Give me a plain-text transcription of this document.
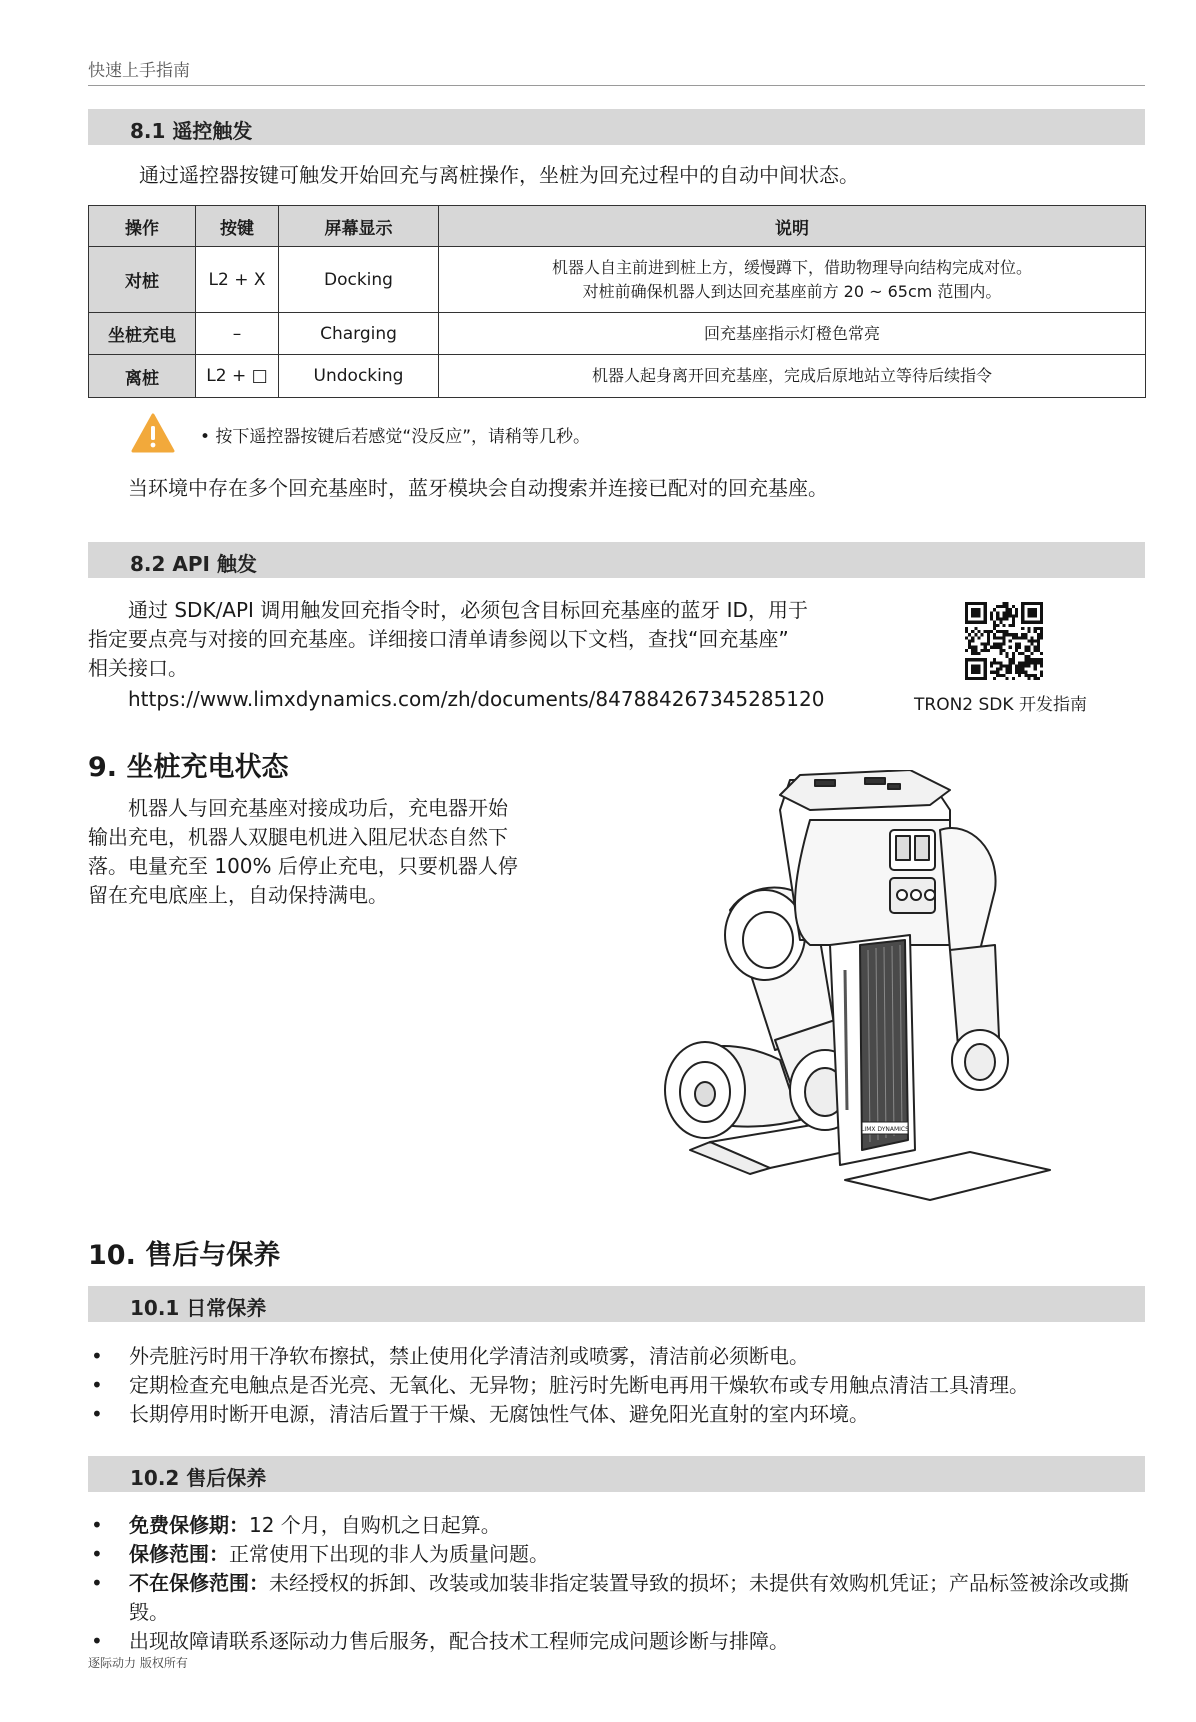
快速上手指南
8.1 遥控触发
通过遥控器按键可触发开始回充与离桩操作，坐桩为回充过程中的自动中间状态。
操作	按键	屏幕显示	说明
对桩	L2 + X	Docking	机器人自主前进到桩上方，缓慢蹲下，借助物理导向结构完成对位。
对桩前确保机器人到达回充基座前方 20 ~ 65cm 范围内。

坐桩充电	–	Charging	回充基座指示灯橙色常亮
离桩	L2 + □	Undocking	机器人起身离开回充基座，完成后原地站立等待后续指令
• 按下遥控器按键后若感觉“没反应”，请稍等几秒。
当环境中存在多个回充基座时，蓝牙模块会自动搜索并连接已配对的回充基座。
8.2 API 触发
通过 SDK/API 调用触发回充指令时，必须包含目标回充基座的蓝牙 ID，用于
指定要点亮与对接的回充基座。详细接口清单请参阅以下文档，查找“回充基座”
相关接口。
https://www.limxdynamics.com/zh/documents/847884267345285120	TRON2 SDK 开发指南
9. 坐桩充电状态
机器人与回充基座对接成功后，充电器开始
输出充电，机器人双腿电机进入阻尼状态自然下
落。电量充至 100% 后停止充电，只要机器人停
留在充电底座上，自动保持满电。
LIMX DYNAMICS
10. 售后与保养
10.1 日常保养
• 外壳脏污时用干净软布擦拭，禁止使用化学清洁剂或喷雾，清洁前必须断电。
• 定期检查充电触点是否光亮、无氧化、无异物；脏污时先断电再用干燥软布或专用触点清洁工具清理。
• 长期停用时断开电源，清洁后置于干燥、无腐蚀性气体、避免阳光直射的室内环境。
10.2 售后保养
• 免费保修期：12 个月，自购机之日起算。
• 保修范围：正常使用下出现的非人为质量问题。
• 不在保修范围：未经授权的拆卸、改装或加装非指定装置导致的损坏；未提供有效购机凭证；产品标签被涂改或撕毁。
• 出现故障请联系逐际动力售后服务，配合技术工程师完成问题诊断与排障。
逐际动力 版权所有
